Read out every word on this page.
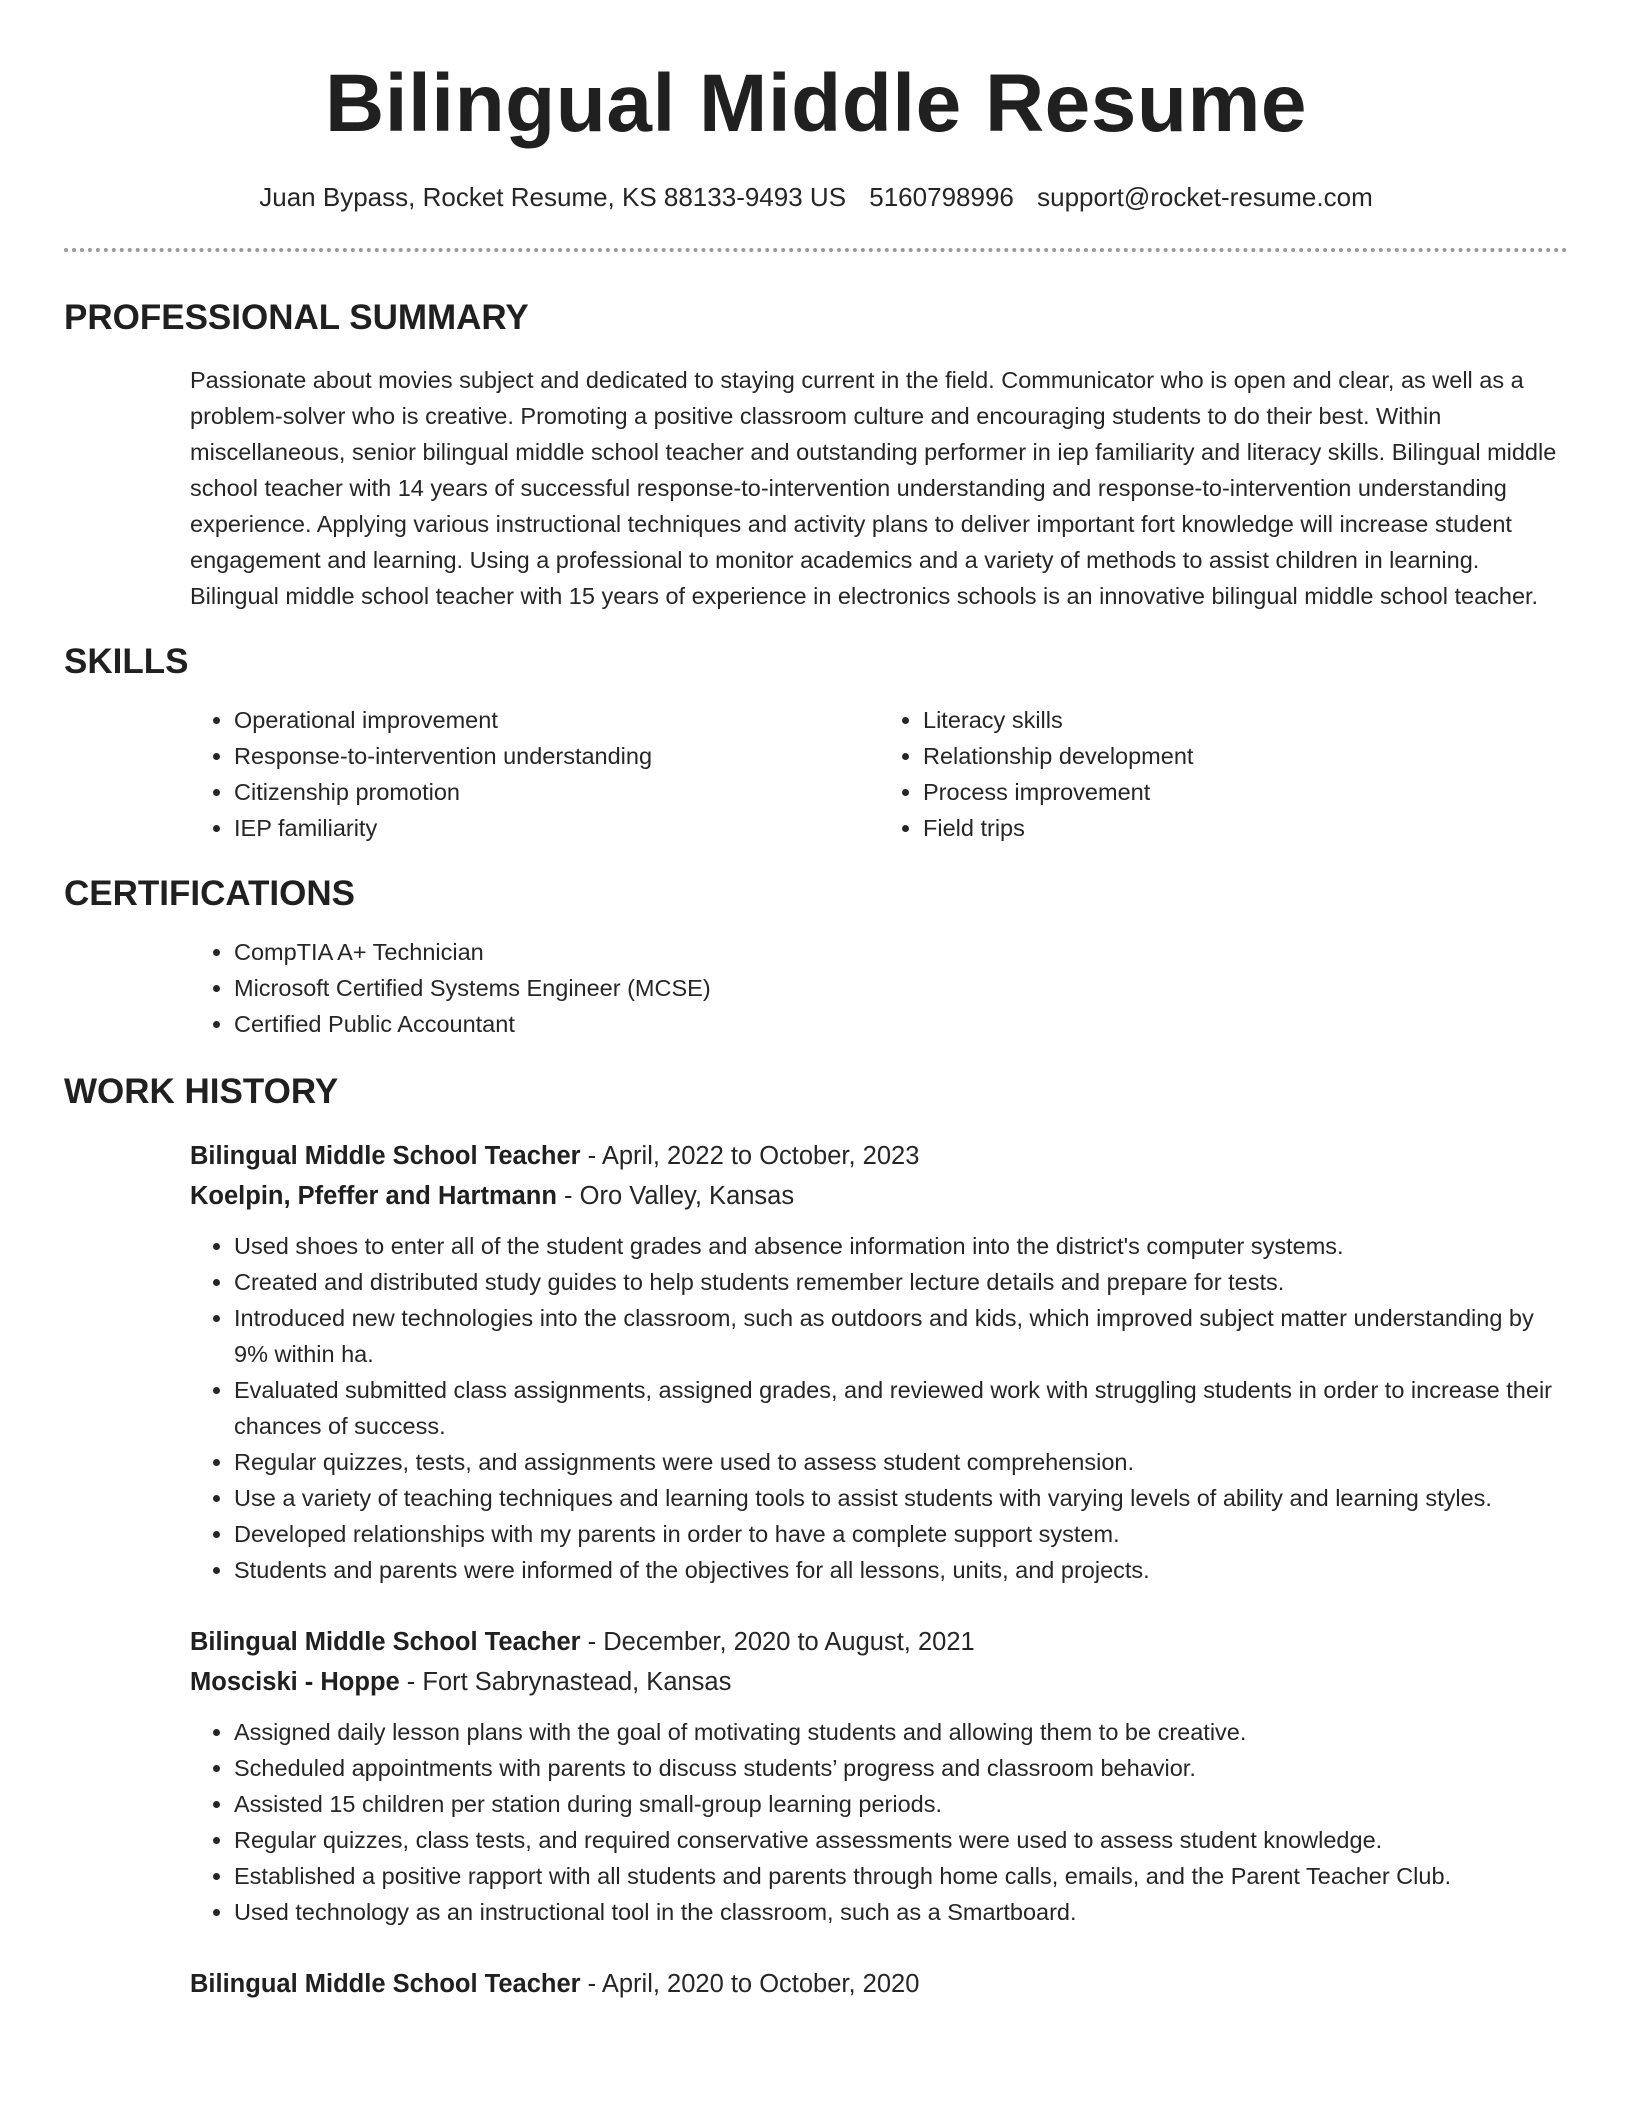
Bilingual Middle Resume
Juan Bypass, Rocket Resume, KS 88133-9493 US 5160798996 support@rocket-resume.com
PROFESSIONAL SUMMARY

Passionate about movies subject and dedicated to staying current in the field. Communicator who is open and clear, as well as a problem-solver who is creative. Promoting a positive classroom culture and encouraging students to do their best. Within miscellaneous, senior bilingual middle school teacher and outstanding performer in iep familiarity and literacy skills. Bilingual middle school teacher with 14 years of successful response-to-intervention understanding and response-to-intervention understanding experience. Applying various instructional techniques and activity plans to deliver important fort knowledge will increase student engagement and learning. Using a professional to monitor academics and a variety of methods to assist children in learning. Bilingual middle school teacher with 15 years of experience in electronics schools is an innovative bilingual middle school teacher.

SKILLS
• Operational improvement
• Response-to-intervention understanding
• Citizenship promotion
• IEP familiarity
• Literacy skills
• Relationship development
• Process improvement
• Field trips
CERTIFICATIONS
• CompTIA A+ Technician
• Microsoft Certified Systems Engineer (MCSE)
• Certified Public Accountant
WORK HISTORY
Bilingual Middle School Teacher - April, 2022 to October, 2023
Koelpin, Pfeffer and Hartmann - Oro Valley, Kansas
• Used shoes to enter all of the student grades and absence information into the district's computer systems.
• Created and distributed study guides to help students remember lecture details and prepare for tests.
• Introduced new technologies into the classroom, such as outdoors and kids, which improved subject matter understanding by 9% within ha.
• Evaluated submitted class assignments, assigned grades, and reviewed work with struggling students in order to increase their chances of success.
• Regular quizzes, tests, and assignments were used to assess student comprehension.
• Use a variety of teaching techniques and learning tools to assist students with varying levels of ability and learning styles.
• Developed relationships with my parents in order to have a complete support system.
• Students and parents were informed of the objectives for all lessons, units, and projects.
Bilingual Middle School Teacher - December, 2020 to August, 2021
Mosciski - Hoppe - Fort Sabrynastead, Kansas
• Assigned daily lesson plans with the goal of motivating students and allowing them to be creative.
• Scheduled appointments with parents to discuss students’ progress and classroom behavior.
• Assisted 15 children per station during small-group learning periods.
• Regular quizzes, class tests, and required conservative assessments were used to assess student knowledge.
• Established a positive rapport with all students and parents through home calls, emails, and the Parent Teacher Club.
• Used technology as an instructional tool in the classroom, such as a Smartboard.
Bilingual Middle School Teacher - April, 2020 to October, 2020
